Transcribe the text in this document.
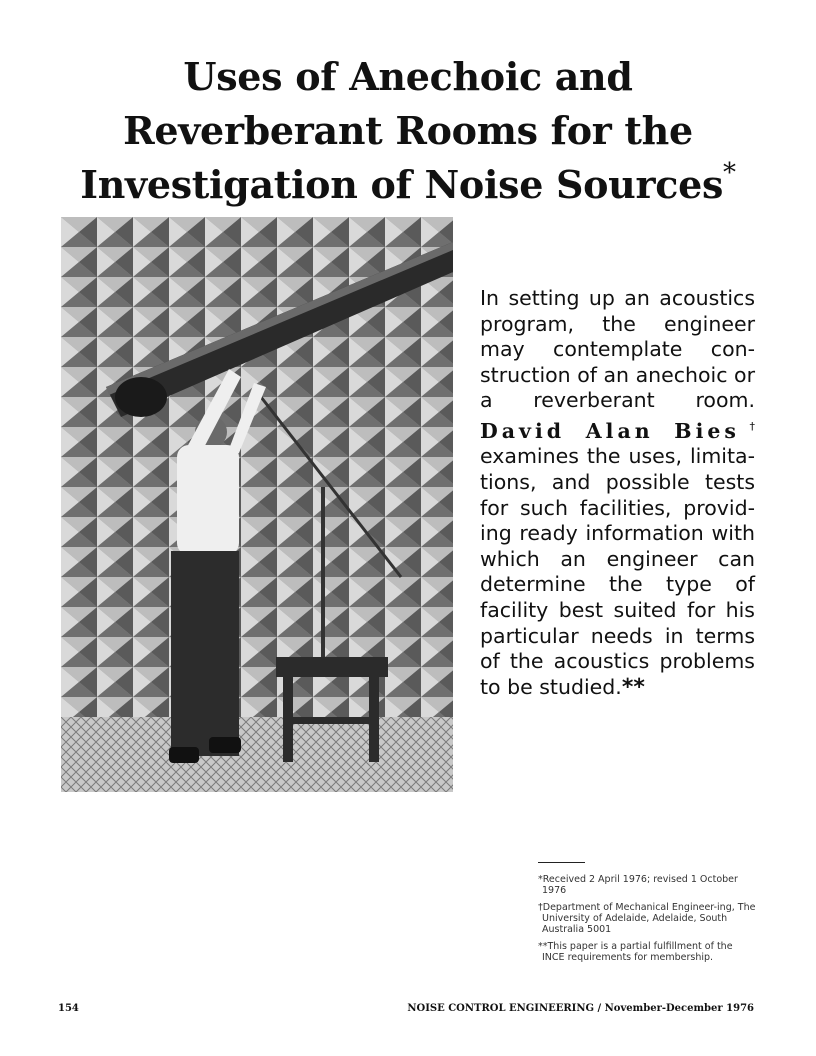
Uses of Anechoic and
Reverberant Rooms for the
Investigation of Noise Sources*
In setting up an acoustics program, the engineer may contemplate con-struction of an anechoic or a reverberant room. David Alan Bies† examines the uses, limita-tions, and possible tests for such facilities, provid-ing ready information with which an engineer can determine the type of facility best suited for his particular needs in terms of the acoustics problems to be studied.**

*Received 2 April 1976; revised 1 October 1976

†Department of Mechanical Engineer-ing, The University of Adelaide, Adelaide, South Australia 5001

**This paper is a partial fulfillment of the INCE requirements for membership.

154	NOISE CONTROL ENGINEERING / November-December 1976
